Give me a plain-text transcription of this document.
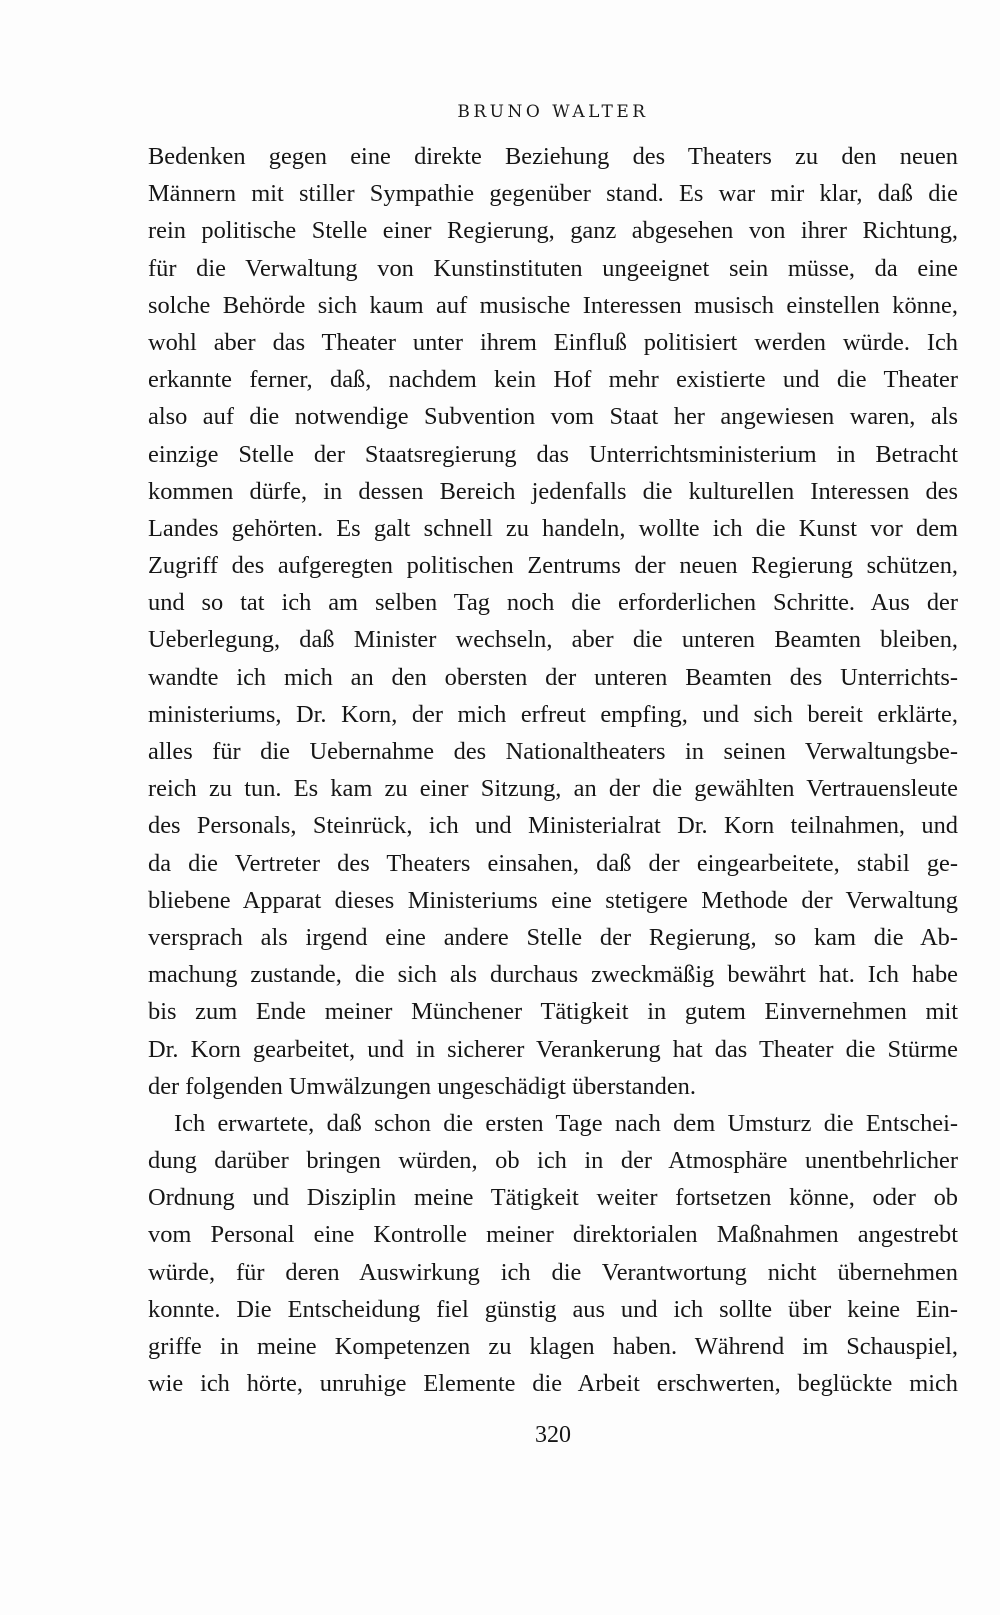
BRUNO WALTER
Bedenken gegen eine direkte Beziehung des Theaters zu den neuen
Männern mit stiller Sympathie gegenüber stand. Es war mir klar, daß die
rein politische Stelle einer Regierung, ganz abgesehen von ihrer Richtung,
für die Verwaltung von Kunstinstituten ungeeignet sein müsse, da eine
solche Behörde sich kaum auf musische Interessen musisch einstellen könne,
wohl aber das Theater unter ihrem Einfluß politisiert werden würde. Ich
erkannte ferner, daß, nachdem kein Hof mehr existierte und die Theater
also auf die notwendige Subvention vom Staat her angewiesen waren, als
einzige Stelle der Staatsregierung das Unterrichtsministerium in Betracht
kommen dürfe, in dessen Bereich jedenfalls die kulturellen Interessen des
Landes gehörten. Es galt schnell zu handeln, wollte ich die Kunst vor dem
Zugriff des aufgeregten politischen Zentrums der neuen Regierung schützen,
und so tat ich am selben Tag noch die erforderlichen Schritte. Aus der
Ueberlegung, daß Minister wechseln, aber die unteren Beamten bleiben,
wandte ich mich an den obersten der unteren Beamten des Unterrichts-
ministeriums, Dr. Korn, der mich erfreut empfing, und sich bereit erklärte,
alles für die Uebernahme des Nationaltheaters in seinen Verwaltungsbe-
reich zu tun. Es kam zu einer Sitzung, an der die gewählten Vertrauensleute
des Personals, Steinrück, ich und Ministerialrat Dr. Korn teilnahmen, und
da die Vertreter des Theaters einsahen, daß der eingearbeitete, stabil ge-
bliebene Apparat dieses Ministeriums eine stetigere Methode der Verwaltung
versprach als irgend eine andere Stelle der Regierung, so kam die Ab-
machung zustande, die sich als durchaus zweckmäßig bewährt hat. Ich habe
bis zum Ende meiner Münchener Tätigkeit in gutem Einvernehmen mit
Dr. Korn gearbeitet, und in sicherer Verankerung hat das Theater die Stürme
der folgenden Umwälzungen ungeschädigt überstanden.
Ich erwartete, daß schon die ersten Tage nach dem Umsturz die Entschei-
dung darüber bringen würden, ob ich in der Atmosphäre unentbehrlicher
Ordnung und Disziplin meine Tätigkeit weiter fortsetzen könne, oder ob
vom Personal eine Kontrolle meiner direktorialen Maßnahmen angestrebt
würde, für deren Auswirkung ich die Verantwortung nicht übernehmen
konnte. Die Entscheidung fiel günstig aus und ich sollte über keine Ein-
griffe in meine Kompetenzen zu klagen haben. Während im Schauspiel,
wie ich hörte, unruhige Elemente die Arbeit erschwerten, beglückte mich
320
